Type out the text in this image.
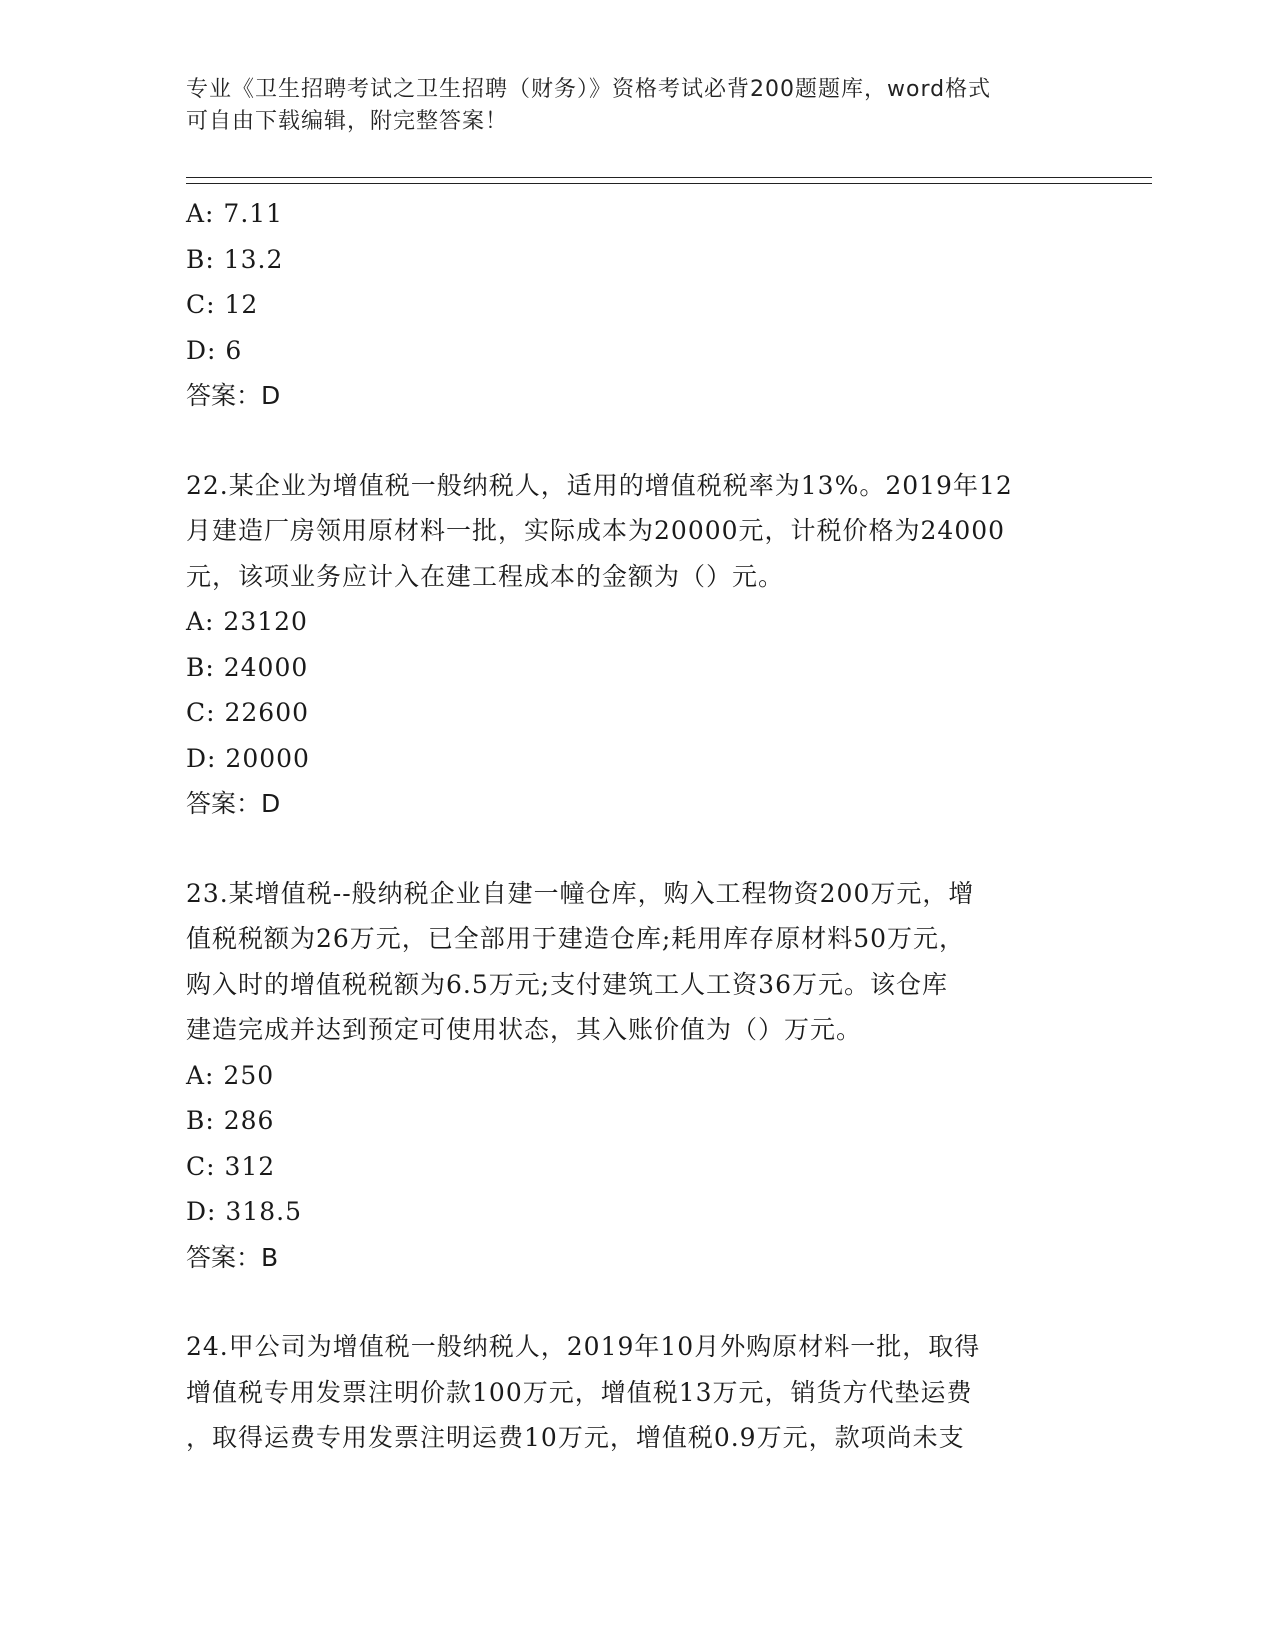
专业《卫生招聘考试之卫生招聘（财务）》资格考试必背200题题库，word格式
可自由下载编辑，附完整答案！
A: 7.11
B: 13.2
C: 12
D: 6
答案：D
22.某企业为增值税一般纳税人，适用的增值税税率为13%。2019年12
月建造厂房领用原材料一批，实际成本为20000元，计税价格为24000
元，该项业务应计入在建工程成本的金额为（）元。
A: 23120
B: 24000
C: 22600
D: 20000
答案：D
23.某增值税--般纳税企业自建一幢仓库，购入工程物资200万元，增
值税税额为26万元，已全部用于建造仓库;耗用库存原材料50万元，
购入时的增值税税额为6.5万元;支付建筑工人工资36万元。该仓库
建造完成并达到预定可使用状态，其入账价值为（）万元。
A: 250
B: 286
C: 312
D: 318.5
答案：B
24.甲公司为增值税一般纳税人，2019年10月外购原材料一批，取得
增值税专用发票注明价款100万元，增值税13万元，销货方代垫运费
，取得运费专用发票注明运费10万元，增值税0.9万元，款项尚未支
